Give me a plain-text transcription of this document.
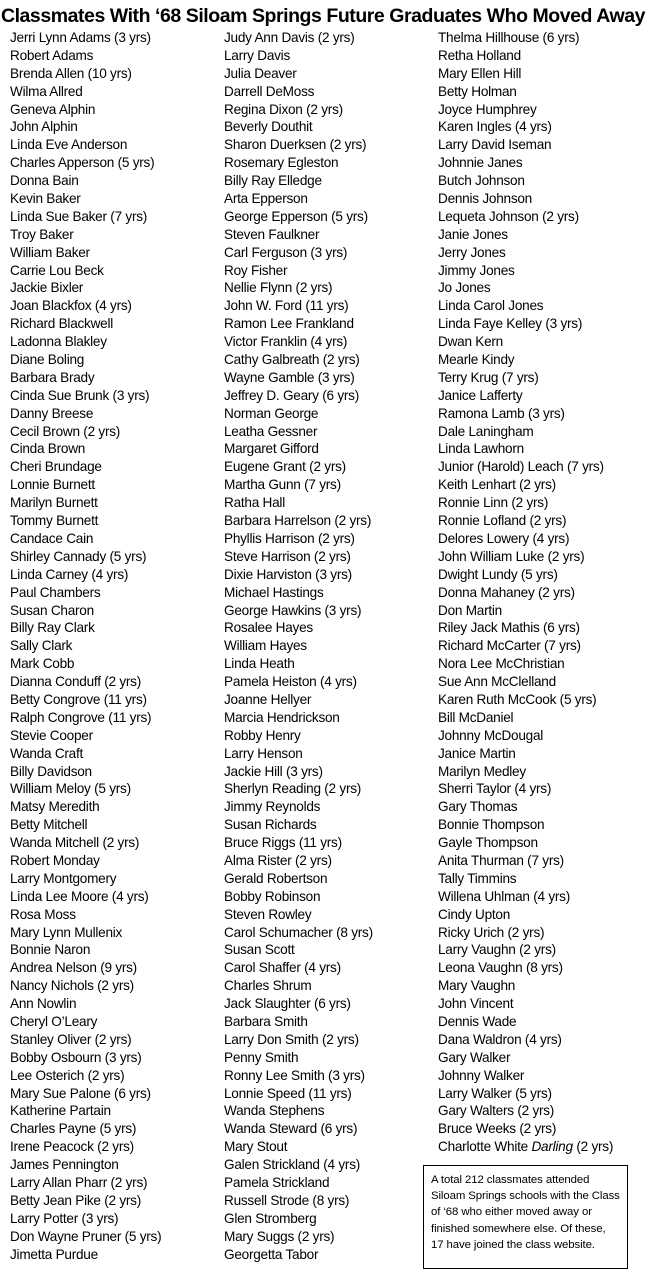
Classmates With ‘68 Siloam Springs Future Graduates Who Moved Away
Jerri Lynn Adams (3 yrs)
Robert Adams
Brenda Allen (10 yrs)
Wilma Allred
Geneva Alphin
John Alphin
Linda Eve Anderson
Charles Apperson (5 yrs)
Donna Bain
Kevin Baker
Linda Sue Baker (7 yrs)
Troy Baker
William Baker
Carrie Lou Beck
Jackie Bixler
Joan Blackfox (4 yrs)
Richard Blackwell
Ladonna Blakley
Diane Boling
Barbara Brady
Cinda Sue Brunk (3 yrs)
Danny Breese
Cecil Brown (2 yrs)
Cinda Brown
Cheri Brundage
Lonnie Burnett
Marilyn Burnett
Tommy Burnett
Candace Cain
Shirley Cannady (5 yrs)
Linda Carney (4 yrs)
Paul Chambers
Susan Charon
Billy Ray Clark
Sally Clark
Mark Cobb
Dianna Conduff (2 yrs)
Betty Congrove (11 yrs)
Ralph Congrove (11 yrs)
Stevie Cooper
Wanda Craft
Billy Davidson
William Meloy (5 yrs)
Matsy Meredith
Betty Mitchell
Wanda Mitchell (2 yrs)
Robert Monday
Larry Montgomery
Linda Lee Moore (4 yrs)
Rosa Moss
Mary Lynn Mullenix
Bonnie Naron
Andrea Nelson (9 yrs)
Nancy Nichols (2 yrs)
Ann Nowlin
Cheryl O’Leary
Stanley Oliver (2 yrs)
Bobby Osbourn (3 yrs)
Lee Osterich (2 yrs)
Mary Sue Palone (6 yrs)
Katherine Partain
Charles Payne (5 yrs)
Irene Peacock (2 yrs)
James Pennington
Larry Allan Pharr (2 yrs)
Betty Jean Pike (2 yrs)
Larry Potter (3 yrs)
Don Wayne Pruner (5 yrs)
Jimetta Purdue
Judy Ann Davis (2 yrs)
Larry Davis
Julia Deaver
Darrell DeMoss
Regina Dixon (2 yrs)
Beverly Douthit
Sharon Duerksen (2 yrs)
Rosemary Egleston
Billy Ray Elledge
Arta Epperson
George Epperson (5 yrs)
Steven Faulkner
Carl Ferguson (3 yrs)
Roy Fisher
Nellie Flynn (2 yrs)
John W. Ford (11 yrs)
Ramon Lee Frankland
Victor Franklin (4 yrs)
Cathy Galbreath (2 yrs)
Wayne Gamble (3 yrs)
Jeffrey D. Geary (6 yrs)
Norman George
Leatha Gessner
Margaret Gifford
Eugene Grant (2 yrs)
Martha Gunn (7 yrs)
Ratha Hall
Barbara Harrelson (2 yrs)
Phyllis Harrison (2 yrs)
Steve Harrison (2 yrs)
Dixie Harviston (3 yrs)
Michael Hastings
George Hawkins (3 yrs)
Rosalee Hayes
William Hayes
Linda Heath
Pamela Heiston (4 yrs)
Joanne Hellyer
Marcia Hendrickson
Robby Henry
Larry Henson
Jackie Hill (3 yrs)
Sherlyn Reading (2 yrs)
Jimmy Reynolds
Susan Richards
Bruce Riggs (11 yrs)
Alma Rister (2 yrs)
Gerald Robertson
Bobby Robinson
Steven Rowley
Carol Schumacher (8 yrs)
Susan Scott
Carol Shaffer (4 yrs)
Charles Shrum
Jack Slaughter (6 yrs)
Barbara Smith
Larry Don Smith (2 yrs)
Penny Smith
Ronny Lee Smith (3 yrs)
Lonnie Speed (11 yrs)
Wanda Stephens
Wanda Steward (6 yrs)
Mary Stout
Galen Strickland (4 yrs)
Pamela Strickland
Russell Strode (8 yrs)
Glen Stromberg
Mary Suggs (2 yrs)
Georgetta Tabor
Thelma Hillhouse (6 yrs)
Retha Holland
Mary Ellen Hill
Betty Holman
Joyce Humphrey
Karen Ingles (4 yrs)
Larry David Iseman
Johnnie Janes
Butch Johnson
Dennis Johnson
Lequeta Johnson (2 yrs)
Janie Jones
Jerry Jones
Jimmy Jones
Jo Jones
Linda Carol Jones
Linda Faye Kelley (3 yrs)
Dwan Kern
Mearle Kindy
Terry Krug (7 yrs)
Janice Lafferty
Ramona Lamb (3 yrs)
Dale Laningham
Linda Lawhorn
Junior (Harold) Leach (7 yrs)
Keith Lenhart (2 yrs)
Ronnie Linn (2 yrs)
Ronnie Lofland (2 yrs)
Delores Lowery (4 yrs)
John William Luke (2 yrs)
Dwight Lundy (5 yrs)
Donna Mahaney (2 yrs)
Don Martin
Riley Jack Mathis (6 yrs)
Richard McCarter (7 yrs)
Nora Lee McChristian
Sue Ann McClelland
Karen Ruth McCook (5 yrs)
Bill McDaniel
Johnny McDougal
Janice Martin
Marilyn Medley
Sherri Taylor (4 yrs)
Gary Thomas
Bonnie Thompson
Gayle Thompson
Anita Thurman (7 yrs)
Tally Timmins
Willena Uhlman (4 yrs)
Cindy Upton
Ricky Urich (2 yrs)
Larry Vaughn (2 yrs)
Leona Vaughn (8 yrs)
Mary Vaughn
John Vincent
Dennis Wade
Dana Waldron (4 yrs)
Gary Walker
Johnny Walker
Larry Walker (5 yrs)
Gary Walters (2 yrs)
Bruce Weeks (2 yrs)
Charlotte White Darling (2 yrs)
A total 212 classmates attended Siloam Springs schools with the Class of ‘68 who either moved away or finished somewhere else. Of these, 17 have joined the class website.
